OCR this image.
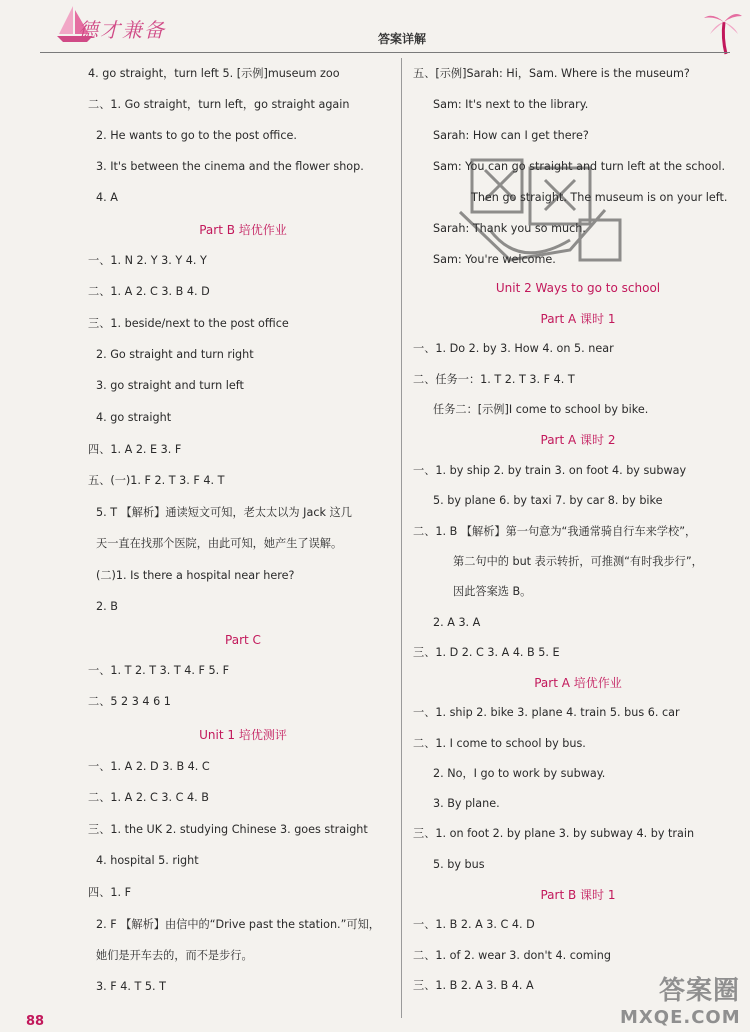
德才兼备	答案详解
4. go straight，turn left 5. [示例]museum zoo
二、1. Go straight，turn left，go straight again
2. He wants to go to the post office.
3. It's between the cinema and the flower shop.
4. A
Part B 培优作业
一、1. N 2. Y 3. Y 4. Y
二、1. A 2. C 3. B 4. D
三、1. beside/next to the post office
2. Go straight and turn right
3. go straight and turn left
4. go straight
四、1. A 2. E 3. F
五、(一)1. F 2. T 3. F 4. T
5. T 【解析】通读短文可知，老太太以为 Jack 这几
天一直在找那个医院，由此可知，她产生了误解。
(二)1. Is there a hospital near here?
2. B
Part C
一、1. T 2. T 3. T 4. F 5. F
二、5 2 3 4 6 1
Unit 1 培优测评
一、1. A 2. D 3. B 4. C
二、1. A 2. C 3. C 4. B
三、1. the UK 2. studying Chinese 3. goes straight
4. hospital 5. right
四、1. F
2. F 【解析】由信中的“Drive past the station.”可知，
她们是开车去的，而不是步行。
3. F 4. T 5. T
五、[示例]Sarah: Hi，Sam. Where is the museum?
Sam: It's next to the library.
Sarah: How can I get there?
Sam: You can go straight and turn left at the school.
Then go straight. The museum is on your left.
Sarah: Thank you so much.
Sam: You're welcome.
Unit 2 Ways to go to school
Part A 课时 1
一、1. Do 2. by 3. How 4. on 5. near
二、任务一：1. T 2. T 3. F 4. T
任务二：[示例]I come to school by bike.
Part A 课时 2
一、1. by ship 2. by train 3. on foot 4. by subway
5. by plane 6. by taxi 7. by car 8. by bike
二、1. B 【解析】第一句意为“我通常骑自行车来学校”，
第二句中的 but 表示转折，可推测“有时我步行”，
因此答案选 B。
2. A 3. A
三、1. D 2. C 3. A 4. B 5. E
Part A 培优作业
一、1. ship 2. bike 3. plane 4. train 5. bus 6. car
二、1. I come to school by bus.
2. No，I go to work by subway.
3. By plane.
三、1. on foot 2. by plane 3. by subway 4. by train
5. by bus
Part B 课时 1
一、1. B 2. A 3. C 4. D
二、1. of 2. wear 3. don't 4. coming
三、1. B 2. A 3. B 4. A
88
答案圈
MXQE.COM
